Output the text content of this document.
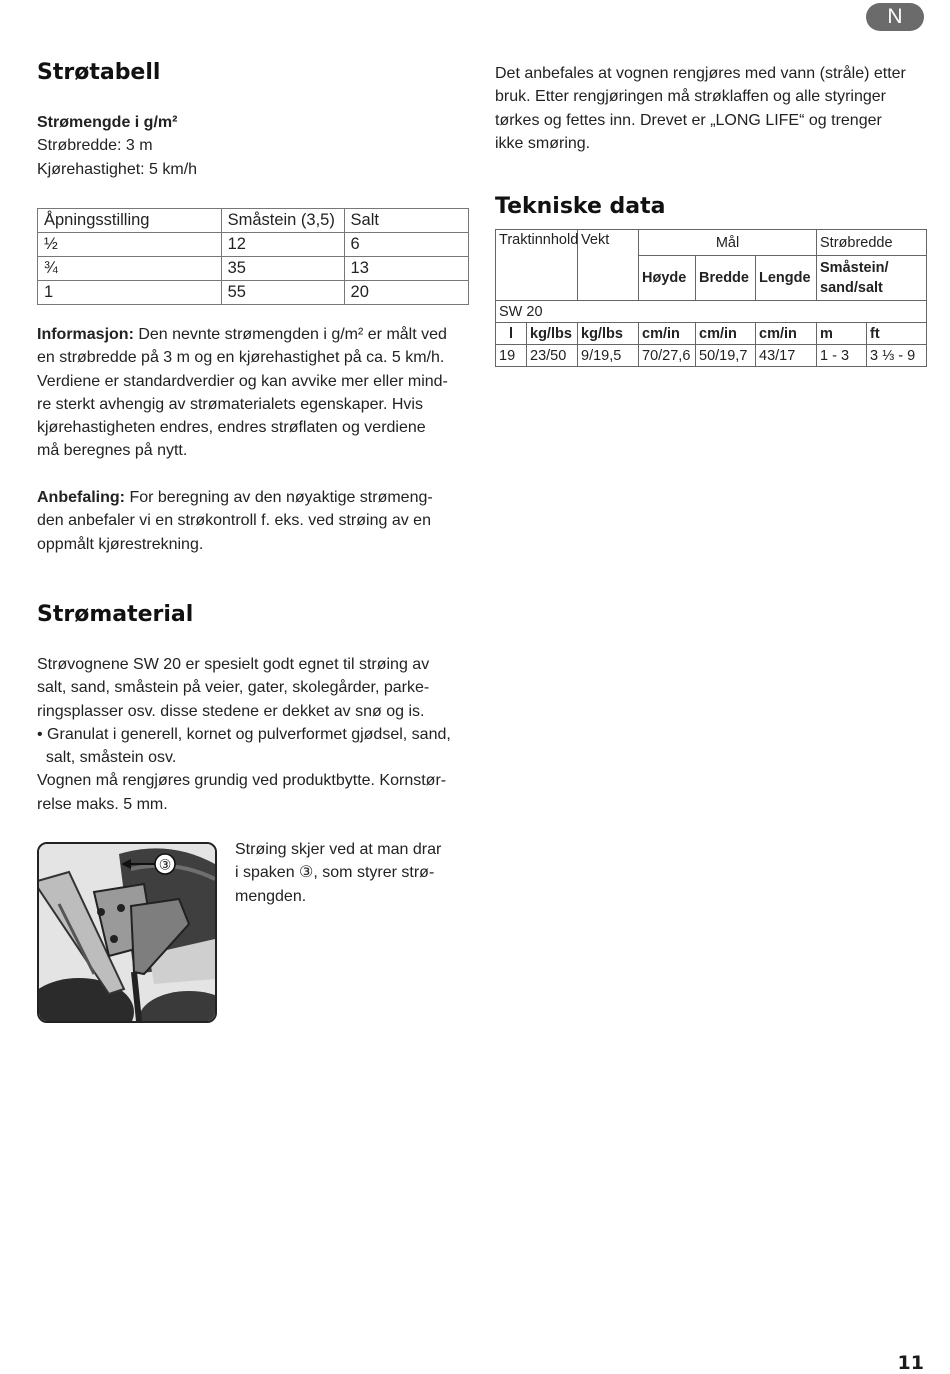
N
Strøtabell
Strømengde i g/m²
Strøbredde: 3 m
Kjørehastighet: 5 km/h
Åpningsstilling	Småstein (3,5)	Salt
½	12	6
¾	35	13
1	55	20
Informasjon: Den nevnte strømengden i g/m² er målt ved
en strøbredde på 3 m og en kjørehastighet på ca. 5 km/h.
Verdiene er standardverdier og kan avvike mer eller mind-
re sterkt avhengig av strømaterialets egenskaper. Hvis
kjørehastigheten endres, endres strøflaten og verdiene
må beregnes på nytt.
Anbefaling: For beregning av den nøyaktige strømeng-
den anbefaler vi en strøkontroll f. eks. ved strøing av en
oppmålt kjørestrekning.
Strømaterial
Strøvognene SW 20 er spesielt godt egnet til strøing av
salt, sand, småstein på veier, gater, skolegårder, parke-
ringsplasser osv. disse stedene er dekket av snø og is.
• Granulat i generell, kornet og pulverformet gjødsel, sand,
salt, småstein osv.
Vognen må rengjøres grundig ved produktbytte. Kornstør-
relse maks. 5 mm.
③
Strøing skjer ved at man drar
i spaken ③, som styrer strø-
mengden.
Det anbefales at vognen rengjøres med vann (stråle) etter
bruk. Etter rengjøringen må strøklaffen og alle styringer
tørkes og fettes inn. Drevet er „LONG LIFE“ og trenger
ikke smøring.
Tekniske data
Traktinnhold		Vekt	Mål			Strøbredde	
			Høyde	Bredde	Lengde	Småstein/
sand/salt	
SW 20							
l	kg/lbs	kg/lbs	cm/in	cm/in	cm/in	m	ft
19	23/50	9/19,5	70/27,6	50/19,7	43/17	1 - 3	3 ⅓ - 9
11
